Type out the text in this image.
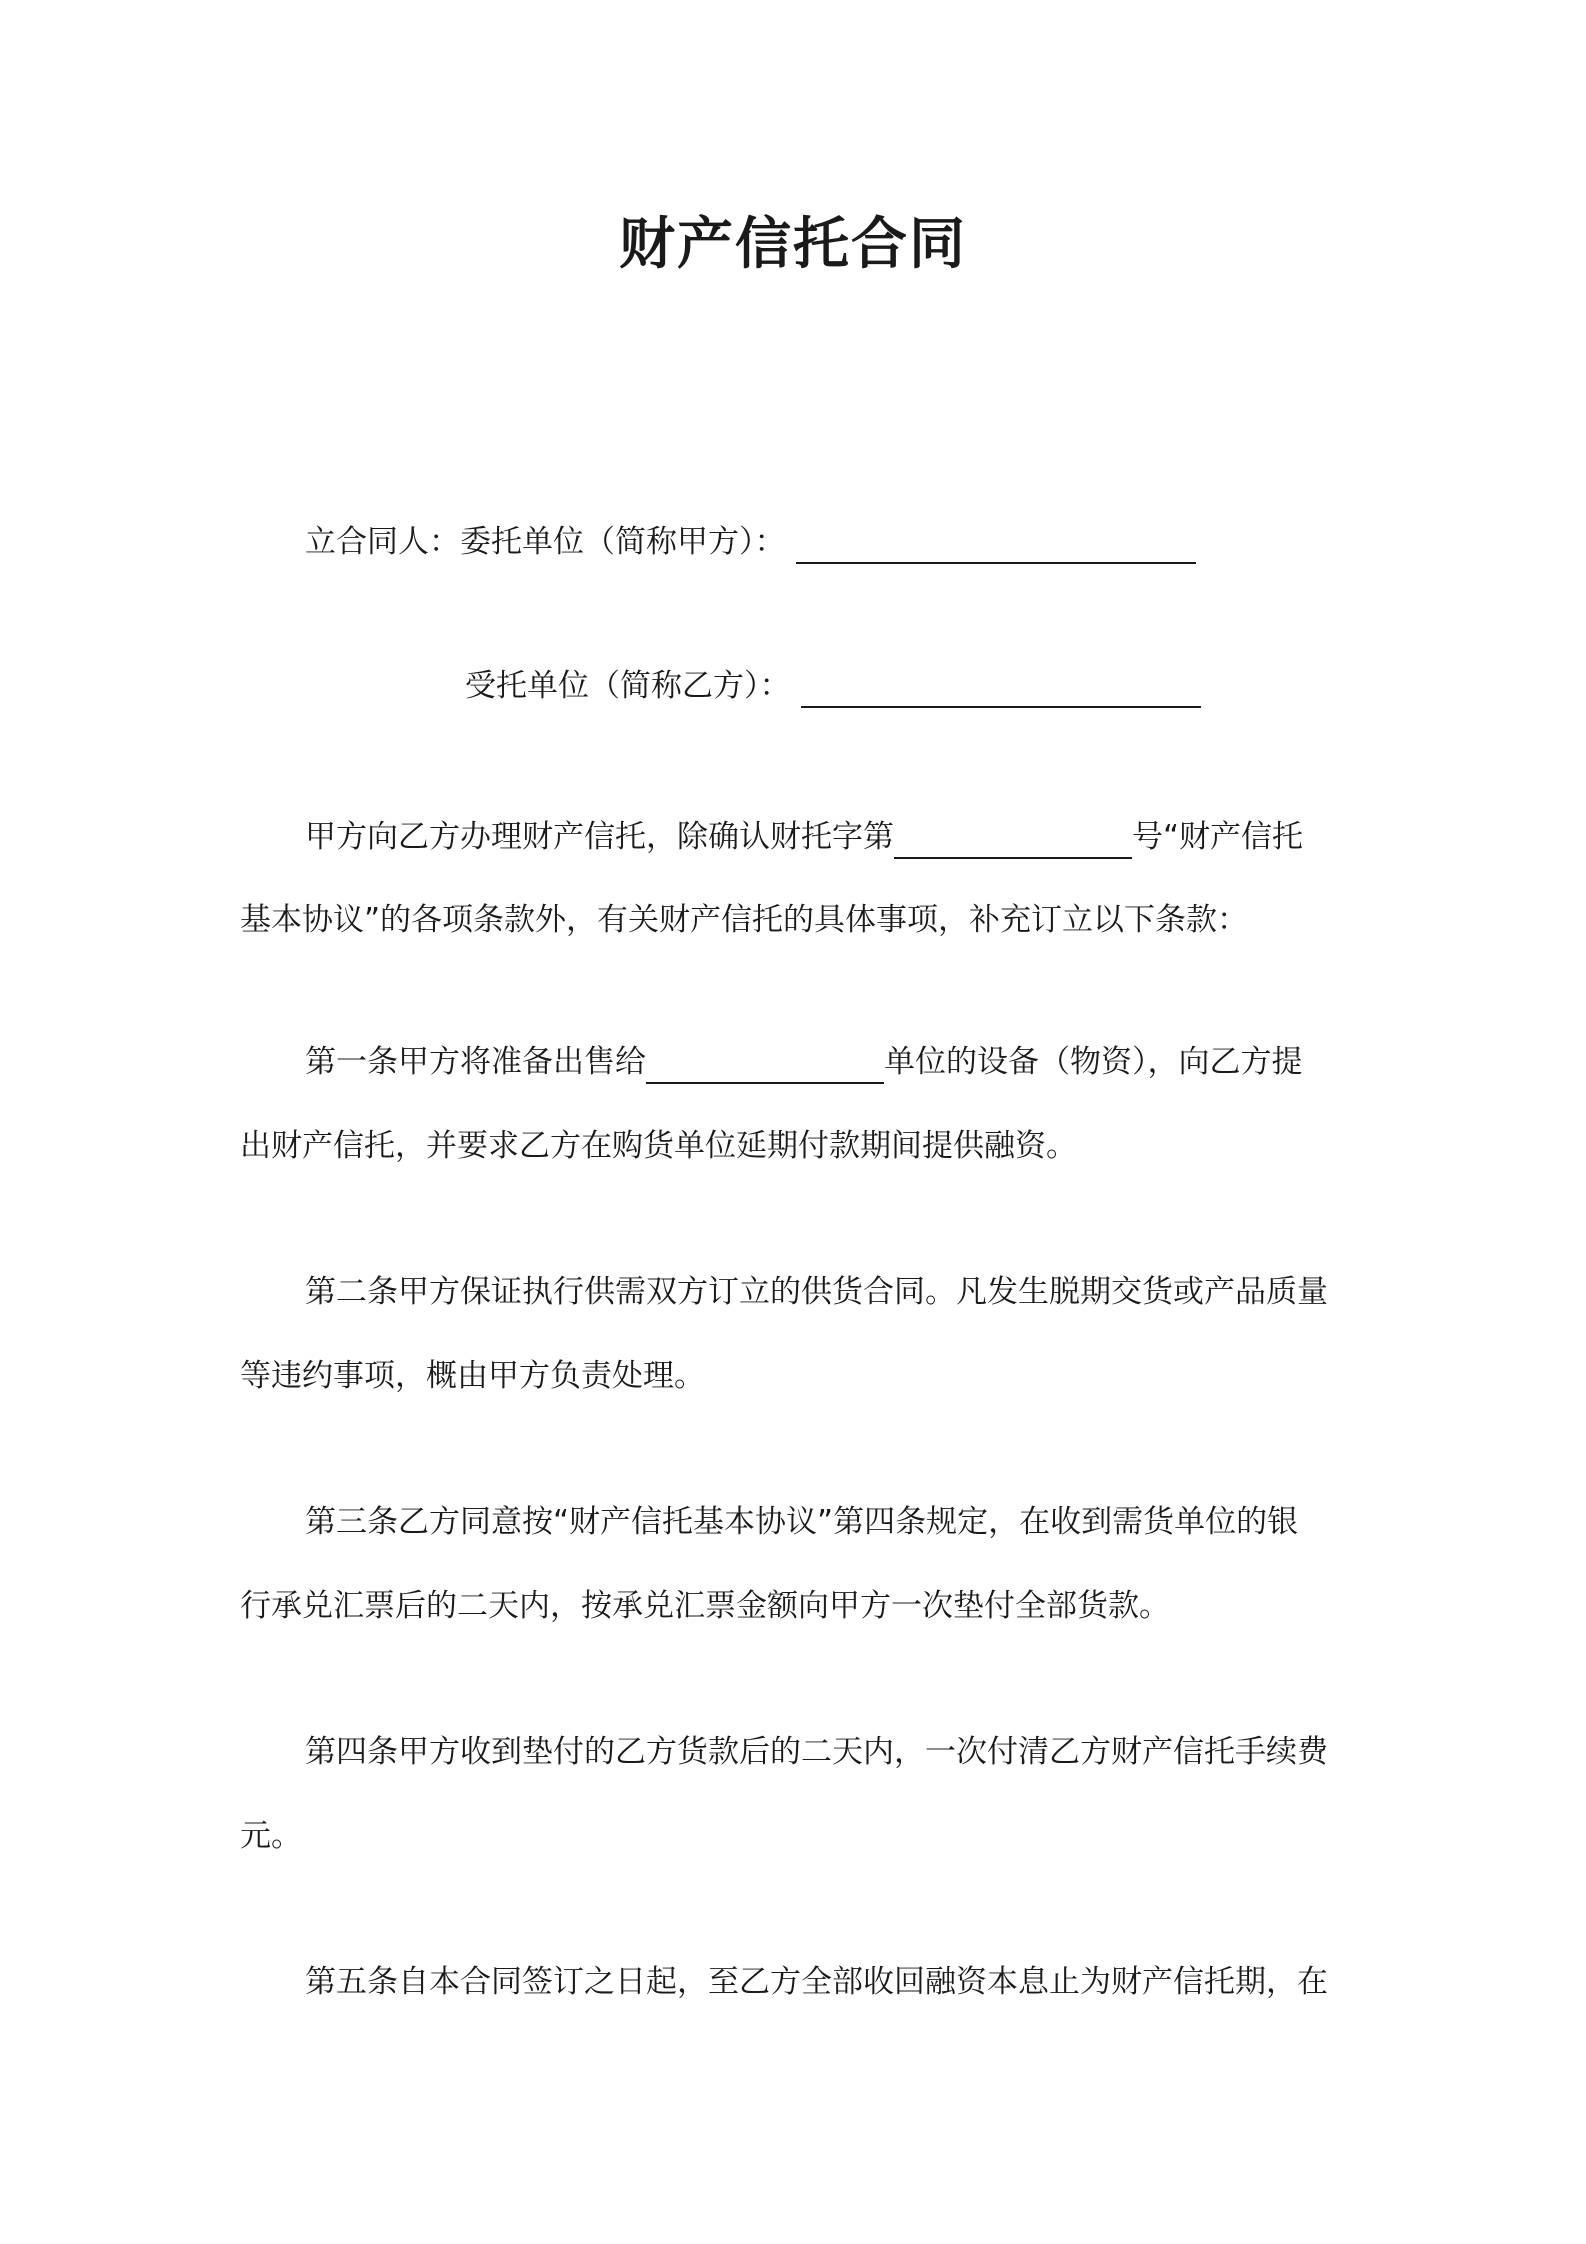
财产信托合同
立合同人：委托单位（简称甲方）：
受托单位（简称乙方）：
甲方向乙方办理财产信托，除确认财托字第	号“财产信托
基本协议”的各项条款外，有关财产信托的具体事项，补充订立以下条款：
第一条甲方将准备出售给	单位的设备（物资），向乙方提
出财产信托，并要求乙方在购货单位延期付款期间提供融资。
第二条甲方保证执行供需双方订立的供货合同。凡发生脱期交货或产品质量
等违约事项，概由甲方负责处理。
第三条乙方同意按“财产信托基本协议”第四条规定，在收到需货单位的银
行承兑汇票后的二天内，按承兑汇票金额向甲方一次垫付全部货款。
第四条甲方收到垫付的乙方货款后的二天内，一次付清乙方财产信托手续费
元。
第五条自本合同签订之日起，至乙方全部收回融资本息止为财产信托期，在
